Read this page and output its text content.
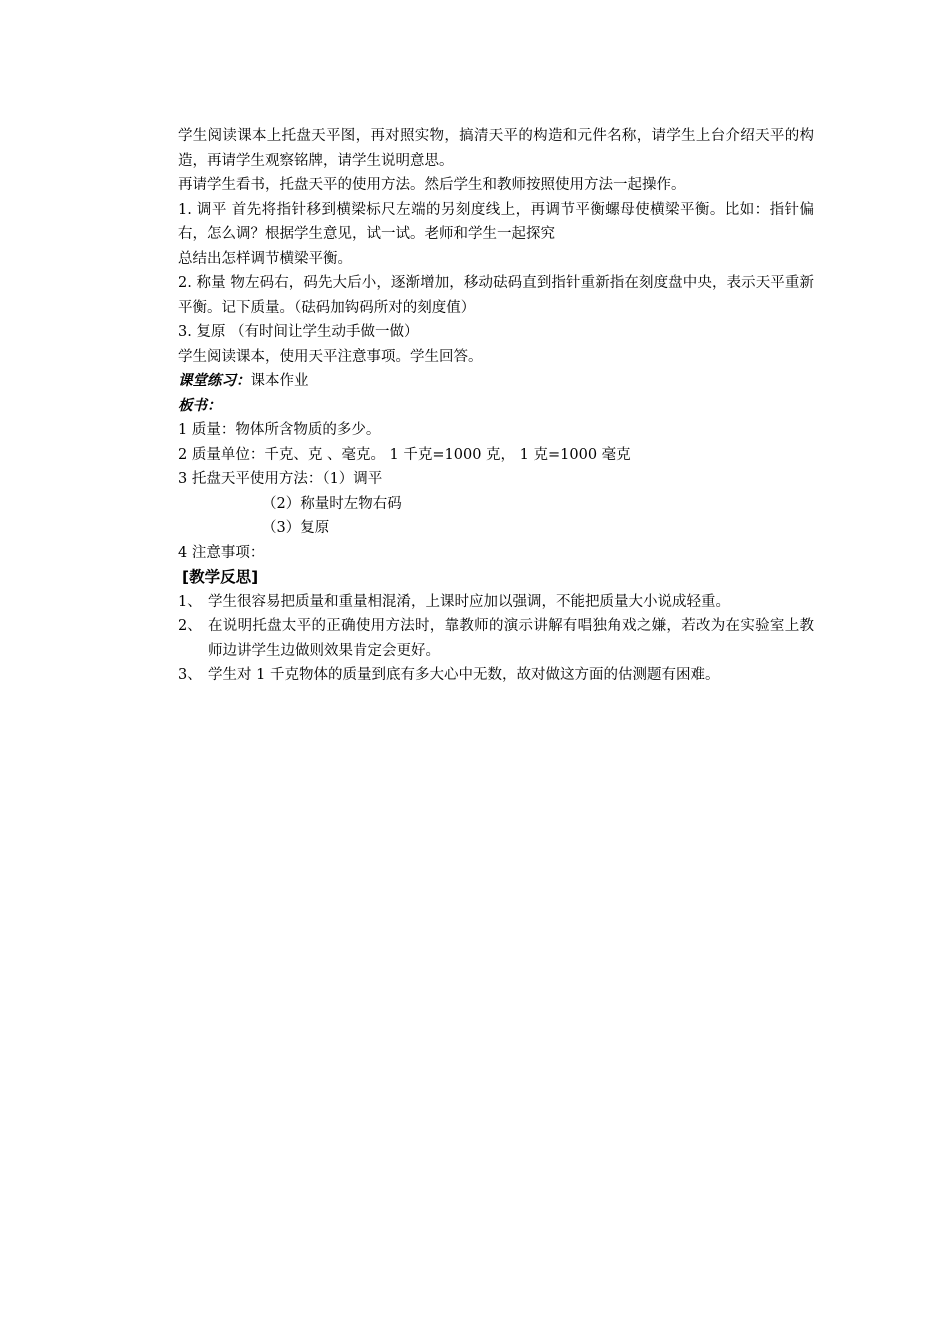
学生阅读课本上托盘天平图，再对照实物，搞清天平的构造和元件名称，请学生上台介绍天平的构造，再请学生观察铭牌，请学生说明意思。

再请学生看书，托盘天平的使用方法。然后学生和教师按照使用方法一起操作。

1. 调平 首先将指针移到横梁标尺左端的另刻度线上，再调节平衡螺母使横梁平衡。比如：指针偏右，怎么调？根据学生意见，试一试。老师和学生一起探究

总结出怎样调节横梁平衡。

2. 称量 物左码右，码先大后小，逐渐增加，移动砝码直到指针重新指在刻度盘中央，表示天平重新平衡。记下质量。（砝码加钩码所对的刻度值）

3. 复原 （有时间让学生动手做一做）

学生阅读课本，使用天平注意事项。学生回答。

课堂练习：课本作业

板书：

1 质量：物体所含物质的多少。

2 质量单位：千克、克 、毫克。 1 千克=1000 克， 1 克=1000 毫克

3 托盘天平使用方法：（1）调平

（2）称量时左物右码

（3）复原

4 注意事项：

[教学反思]

1、 学生很容易把质量和重量相混淆，上课时应加以强调，不能把质量大小说成轻重。
2、 在说明托盘太平的正确使用方法时，靠教师的演示讲解有唱独角戏之嫌，若改为在实验室上教师边讲学生边做则效果肯定会更好。
3、 学生对 1 千克物体的质量到底有多大心中无数，故对做这方面的估测题有困难。
